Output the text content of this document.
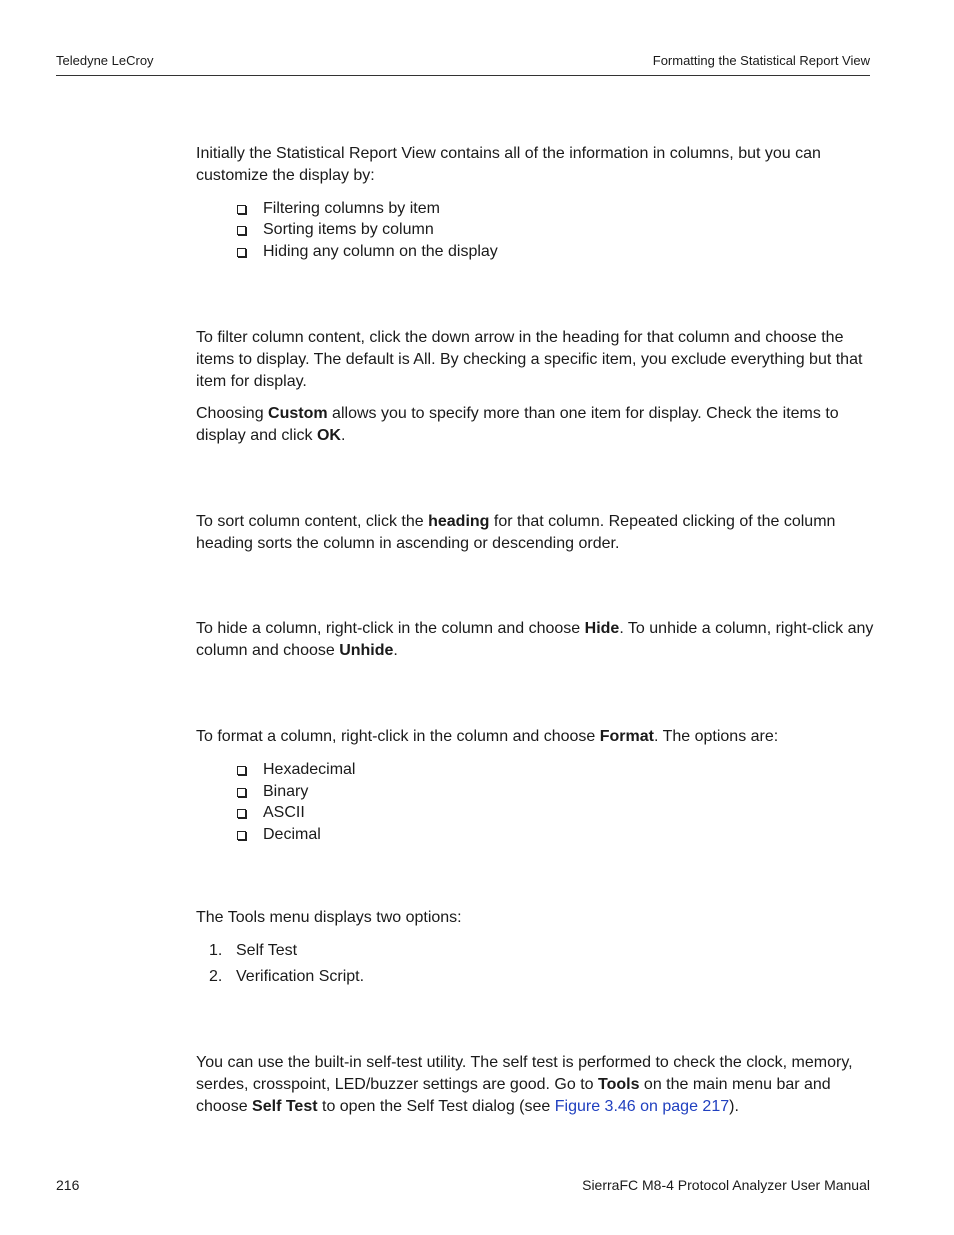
Teledyne LeCroy	Formatting the Statistical Report View

Initially the Statistical Report View contains all of the information in columns, but you can customize the display by:

Filtering columns by item
Sorting items by column
Hiding any column on the display

To filter column content, click the down arrow in the heading for that column and choose the items to display. The default is All. By checking a specific item, you exclude everything but that item for display.

Choosing Custom allows you to specify more than one item for display. Check the items to display and click OK.

To sort column content, click the heading for that column. Repeated clicking of the column heading sorts the column in ascending or descending order.

To hide a column, right-click in the column and choose Hide. To unhide a column, right-click any column and choose Unhide.

To format a column, right-click in the column and choose Format. The options are:

Hexadecimal
Binary
ASCII
Decimal

The Tools menu displays two options:

1. Self Test
2. Verification Script.

You can use the built-in self-test utility. The self test is performed to check the clock, memory, serdes, crosspoint, LED/buzzer settings are good. Go to Tools on the main menu bar and choose Self Test to open the Self Test dialog (see Figure 3.46 on page 217).

216	SierraFC M8-4 Protocol Analyzer User Manual
